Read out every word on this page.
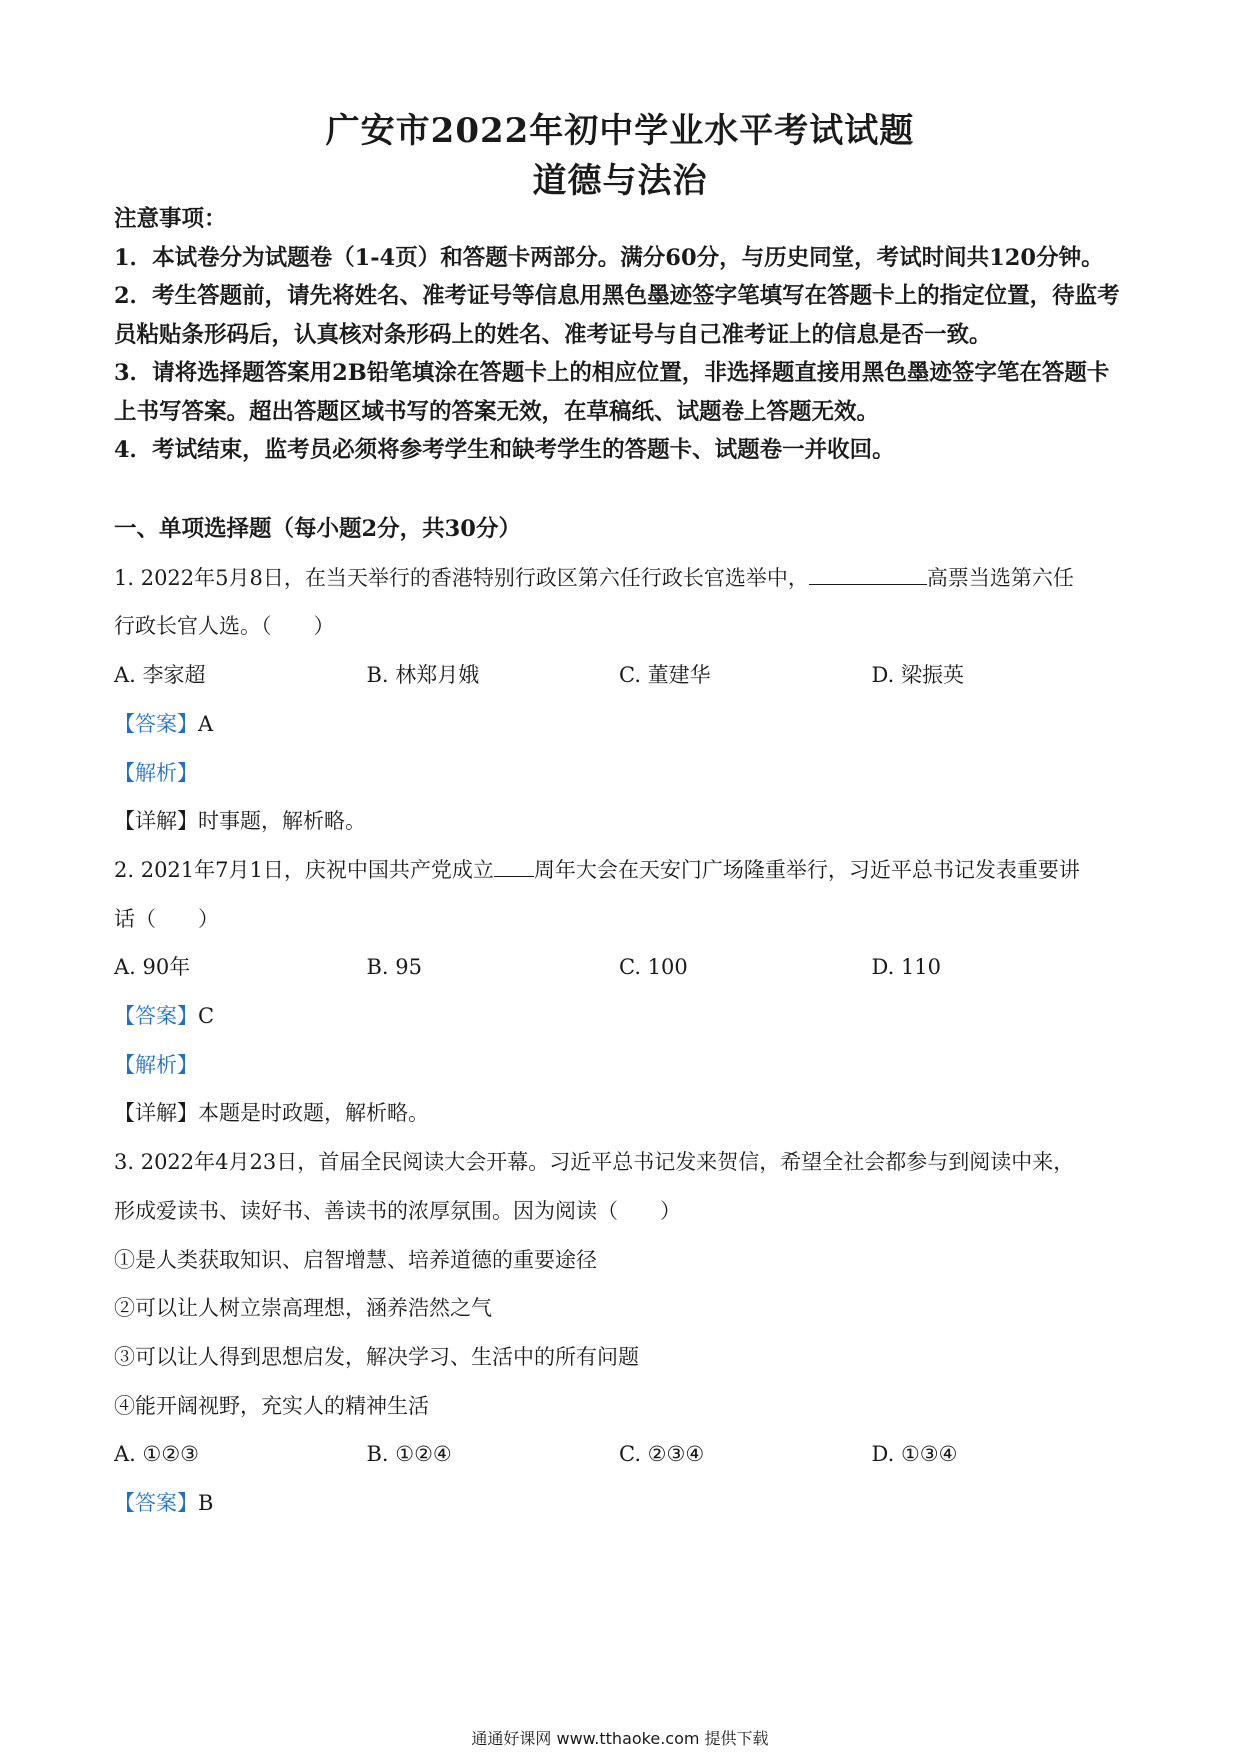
广安市2022年初中学业水平考试试题
道德与法治

注意事项：

1．本试卷分为试题卷（1-4页）和答题卡两部分。满分60分，与历史同堂，考试时间共120分钟。

2．考生答题前，请先将姓名、准考证号等信息用黑色墨迹签字笔填写在答题卡上的指定位置，待监考员粘贴条形码后，认真核对条形码上的姓名、准考证号与自己准考证上的信息是否一致。

3．请将选择题答案用2B铅笔填涂在答题卡上的相应位置，非选择题直接用黑色墨迹签字笔在答题卡上书写答案。超出答题区域书写的答案无效，在草稿纸、试题卷上答题无效。

4．考试结束，监考员必须将参考学生和缺考学生的答题卡、试题卷一并收回。

一、单项选择题（每小题2分，共30分）

1. 2022年5月8日，在当天举行的香港特别行政区第六任行政长官选举中，	高票当选第六任

行政长官人选。（　　）

A. 李家超	B. 林郑月娥	C. 董建华	D. 梁振英

【答案】A

【解析】

【详解】时事题，解析略。

2. 2021年7月1日，庆祝中国共产党成立 周年大会在天安门广场隆重举行，习近平总书记发表重要讲

话（　　）

A. 90年	B. 95	C. 100	D. 110

【答案】C

【解析】

【详解】本题是时政题，解析略。

3. 2022年4月23日，首届全民阅读大会开幕。习近平总书记发来贺信，希望全社会都参与到阅读中来，

形成爱读书、读好书、善读书的浓厚氛围。因为阅读（　　）

①是人类获取知识、启智增慧、培养道德的重要途径

②可以让人树立崇高理想，涵养浩然之气

③可以让人得到思想启发，解决学习、生活中的所有问题

④能开阔视野，充实人的精神生活

A. ①②③	B. ①②④	C. ②③④	D. ①③④

【答案】B

通通好课网 www.tthaoke.com 提供下载
